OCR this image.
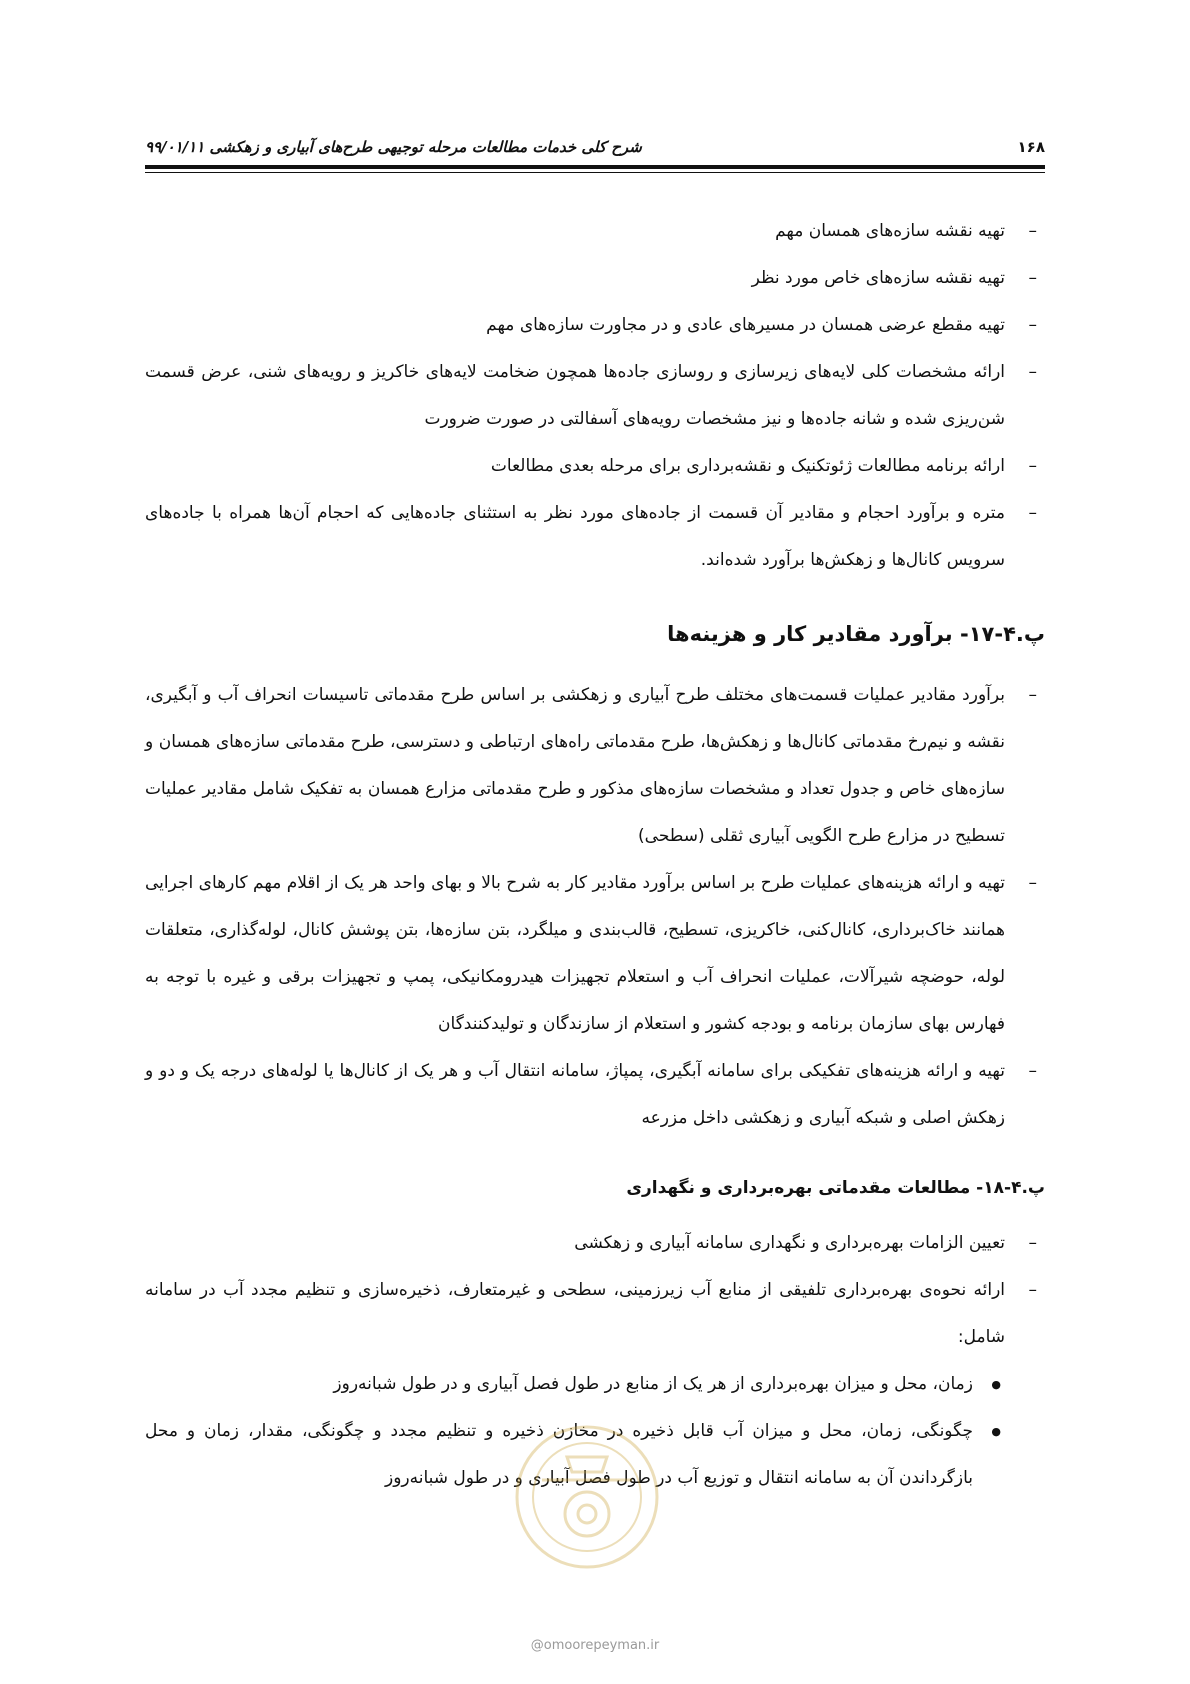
شرح کلی خدمات مطالعات مرحله توجیهی طرح‌های آبیاری و زهکشی ۹۹/۰۱/۱۱	۱۶۸
– تهیه نقشه سازه‌های همسان مهم
– تهیه نقشه سازه‌های خاص مورد نظر
– تهیه مقطع عرضی همسان در مسیرهای عادی و در مجاورت سازه‌های مهم
– ارائه مشخصات کلی لایه‌های زیرسازی و روسازی جاده‌ها همچون ضخامت لایه‌های خاکریز و رویه‌های شنی، عرض قسمت شن‌ریزی شده و شانه جاده‌ها و نیز مشخصات رویه‌های آسفالتی در صورت ضرورت
– ارائه برنامه مطالعات ژئوتکنیک و نقشه‌برداری برای مرحله بعدی مطالعات
– متره و برآورد احجام و مقادیر آن قسمت از جاده‌های مورد نظر به استثنای جاده‌هایی که احجام آن‌ها همراه با جاده‌های سرویس کانال‌ها و زهکش‌ها برآورد شده‌اند.
پ.۴-۱۷- برآورد مقادیر کار و هزینه‌ها
– برآورد مقادیر عملیات قسمت‌های مختلف طرح آبیاری و زهکشی بر اساس طرح مقدماتی تاسیسات انحراف آب و آبگیری، نقشه و نیم‌رخ مقدماتی کانال‌ها و زهکش‌ها، طرح مقدماتی راه‌های ارتباطی و دسترسی، طرح مقدماتی سازه‌های همسان و سازه‌های خاص و جدول تعداد و مشخصات سازه‌های مذکور و طرح مقدماتی مزارع همسان به تفکیک شامل مقادیر عملیات تسطیح در مزارع طرح الگویی آبیاری ثقلی (سطحی)
– تهیه و ارائه هزینه‌های عملیات طرح بر اساس برآورد مقادیر کار به شرح بالا و بهای واحد هر یک از اقلام مهم کارهای اجرایی همانند خاک‌برداری، کانال‌کنی، خاکریزی، تسطیح، قالب‌بندی و میلگرد، بتن سازه‌ها، بتن پوشش کانال، لوله‌گذاری، متعلقات لوله، حوضچه شیرآلات، عملیات انحراف آب و استعلام تجهیزات هیدرومکانیکی، پمپ و تجهیزات برقی و غیره با توجه به فهارس بهای سازمان برنامه و بودجه کشور و استعلام از سازندگان و تولیدکنندگان
– تهیه و ارائه هزینه‌های تفکیکی برای سامانه آبگیری، پمپاژ، سامانه انتقال آب و هر یک از کانال‌ها یا لوله‌های درجه یک و دو و زهکش اصلی و شبکه آبیاری و زهکشی داخل مزرعه
پ.۴-۱۸- مطالعات مقدماتی بهره‌برداری و نگهداری
– تعیین الزامات بهره‌برداری و نگهداری سامانه آبیاری و زهکشی
– ارائه نحوه‌ی بهره‌برداری تلفیقی از منابع آب زیرزمینی، سطحی و غیرمتعارف، ذخیره‌سازی و تنظیم مجدد آب در سامانه شامل:
● زمان، محل و میزان بهره‌برداری از هر یک از منابع در طول فصل آبیاری و در طول شبانه‌روز
● چگونگی، زمان، محل و میزان آب قابل ذخیره در مخازن ذخیره و تنظیم مجدد و چگونگی، مقدار، زمان و محل بازگرداندن آن به سامانه انتقال و توزیع آب در طول فصل آبیاری و در طول شبانه‌روز
@omoorepeyman.ir
